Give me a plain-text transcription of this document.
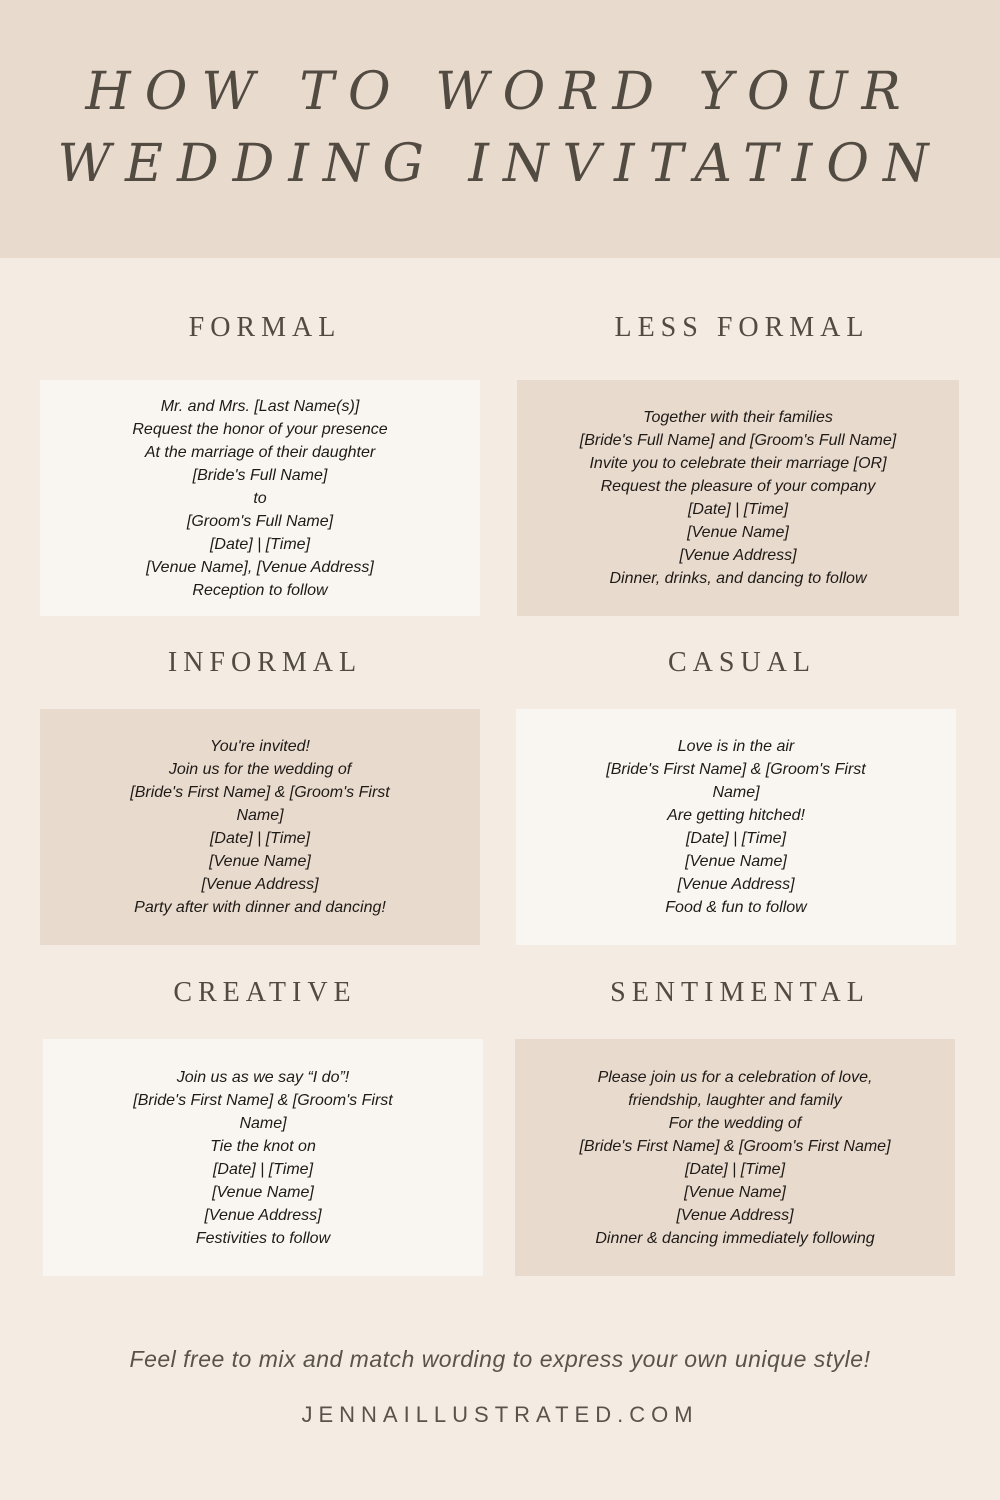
HOW TO WORD YOUR
WEDDING INVITATION
FORMAL	LESS FORMAL
INFORMAL	CASUAL
CREATIVE	SENTIMENTAL
Mr. and Mrs. [Last Name(s)]
Request the honor of your presence
At the marriage of their daughter
[Bride's Full Name]
to
[Groom's Full Name]
[Date] | [Time]
[Venue Name], [Venue Address]
Reception to follow
Together with their families
[Bride's Full Name] and [Groom's Full Name]
Invite you to celebrate their marriage [OR]
Request the pleasure of your company
[Date] | [Time]
[Venue Name]
[Venue Address]
Dinner, drinks, and dancing to follow
You're invited!
Join us for the wedding of
[Bride's First Name] & [Groom's First Name]
[Date] | [Time]
[Venue Name]
[Venue Address]
Party after with dinner and dancing!
Love is in the air
[Bride's First Name] & [Groom's First Name]
Are getting hitched!
[Date] | [Time]
[Venue Name]
[Venue Address]
Food & fun to follow
Join us as we say “I do”!
[Bride's First Name] & [Groom's First Name]
Tie the knot on
[Date] | [Time]
[Venue Name]
[Venue Address]
Festivities to follow
Please join us for a celebration of love,
friendship, laughter and family
For the wedding of
[Bride's First Name] & [Groom's First Name]
[Date] | [Time]
[Venue Name]
[Venue Address]
Dinner & dancing immediately following
Feel free to mix and match wording to express your own unique style!
JENNAILLUSTRATED.COM
